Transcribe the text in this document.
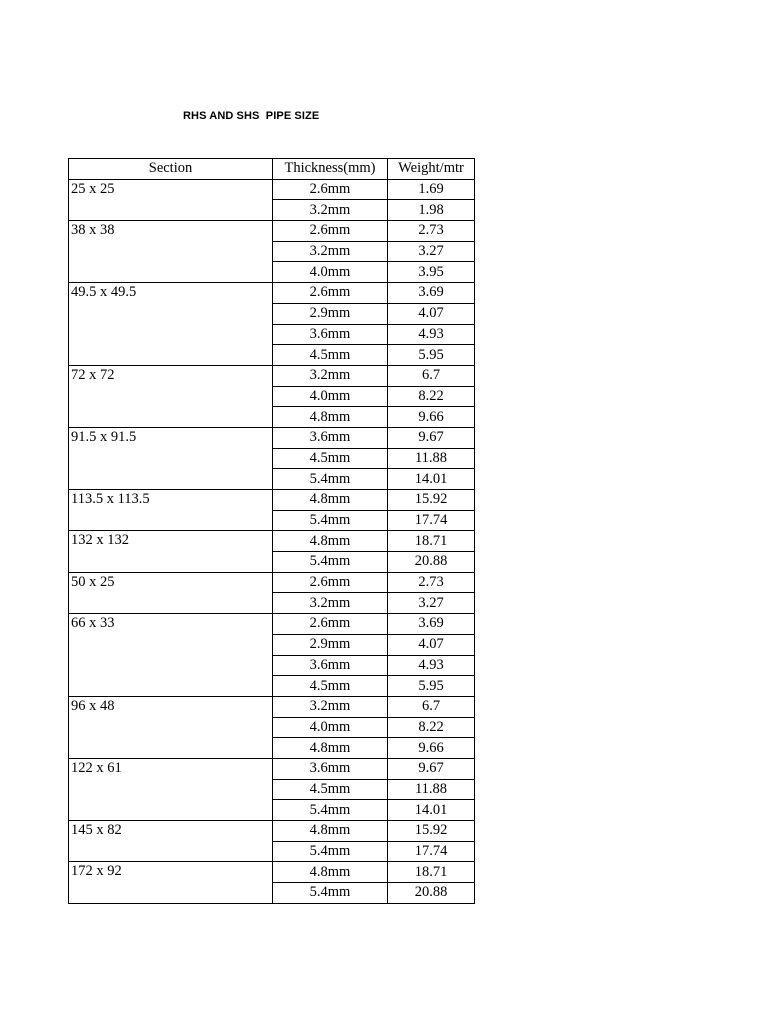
RHS AND SHS  PIPE SIZE
Section	Thickness(mm)	Weight/mtr
25 x 25	2.6mm	1.69
	3.2mm	1.98
38 x 38	2.6mm	2.73
	3.2mm	3.27
	4.0mm	3.95
49.5 x 49.5	2.6mm	3.69
	2.9mm	4.07
	3.6mm	4.93
	4.5mm	5.95
72 x 72	3.2mm	6.7
	4.0mm	8.22
	4.8mm	9.66
91.5 x 91.5	3.6mm	9.67
	4.5mm	11.88
	5.4mm	14.01
113.5 x 113.5	4.8mm	15.92
	5.4mm	17.74
132 x 132	4.8mm	18.71
	5.4mm	20.88
50 x 25	2.6mm	2.73
	3.2mm	3.27
66 x 33	2.6mm	3.69
	2.9mm	4.07
	3.6mm	4.93
	4.5mm	5.95
96 x 48	3.2mm	6.7
	4.0mm	8.22
	4.8mm	9.66
122 x 61	3.6mm	9.67
	4.5mm	11.88
	5.4mm	14.01
145 x 82	4.8mm	15.92
	5.4mm	17.74
172 x 92	4.8mm	18.71
	5.4mm	20.88
